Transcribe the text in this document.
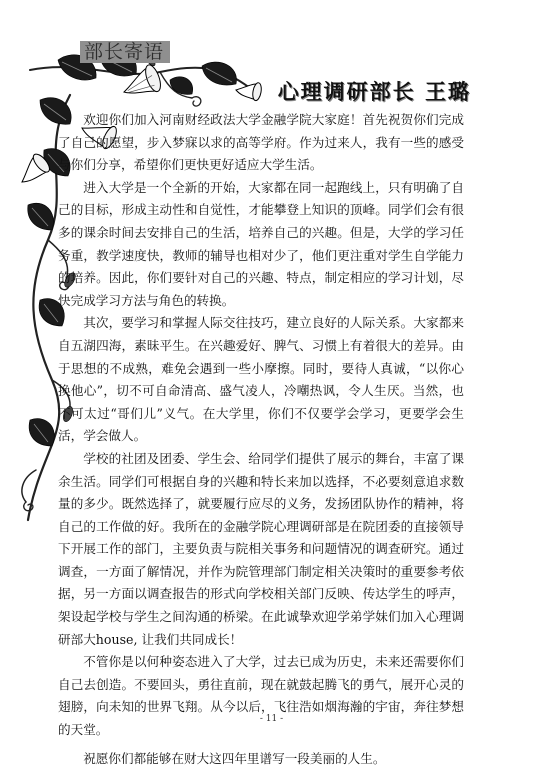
部长寄语
心理调研部长 王璐

欢迎你们加入河南财经政法大学金融学院大家庭！首先祝贺你们完成了自己的愿望，步入梦寐以求的高等学府。作为过来人，我有一些的感受与你们分享，希望你们更快更好适应大学生活。

进入大学是一个全新的开始，大家都在同一起跑线上，只有明确了自己的目标，形成主动性和自觉性，才能攀登上知识的顶峰。同学们会有很多的课余时间去安排自己的生活，培养自己的兴趣。但是，大学的学习任务重，教学速度快，教师的辅导也相对少了，他们更注重对学生自学能力的培养。因此，你们要针对自己的兴趣、特点，制定相应的学习计划，尽快完成学习方法与角色的转换。

其次，要学习和掌握人际交往技巧，建立良好的人际关系。大家都来自五湖四海，素昧平生。在兴趣爱好、脾气、习惯上有着很大的差异。由于思想的不成熟，难免会遇到一些小摩擦。同时，要待人真诚，“以你心换他心”，切不可自命清高、盛气凌人，冷嘲热讽，令人生厌。当然，也不可太过“哥们儿”义气。在大学里，你们不仅要学会学习，更要学会生活，学会做人。

学校的社团及团委、学生会、给同学们提供了展示的舞台，丰富了课余生活。同学们可根据自身的兴趣和特长来加以选择，不必要刻意追求数量的多少。既然选择了，就要履行应尽的义务，发扬团队协作的精神，将自己的工作做的好。我所在的金融学院心理调研部是在院团委的直接领导下开展工作的部门，主要负责与院相关事务和问题情况的调查研究。通过调查，一方面了解情况，并作为院管理部门制定相关决策时的重要参考依据，另一方面以调查报告的形式向学校相关部门反映、传达学生的呼声，架设起学校与学生之间沟通的桥梁。在此诚挚欢迎学弟学妹们加入心理调研部大house, 让我们共同成长！

不管你是以何种姿态进入了大学，过去已成为历史，未来还需要你们自己去创造。不要回头，勇往直前，现在就鼓起腾飞的勇气，展开心灵的翅膀，向未知的世界飞翔。从今以后，飞往浩如烟海瀚的宇宙，奔往梦想的天堂。

祝愿你们都能够在财大这四年里谱写一段美丽的人生。

- 11 -
